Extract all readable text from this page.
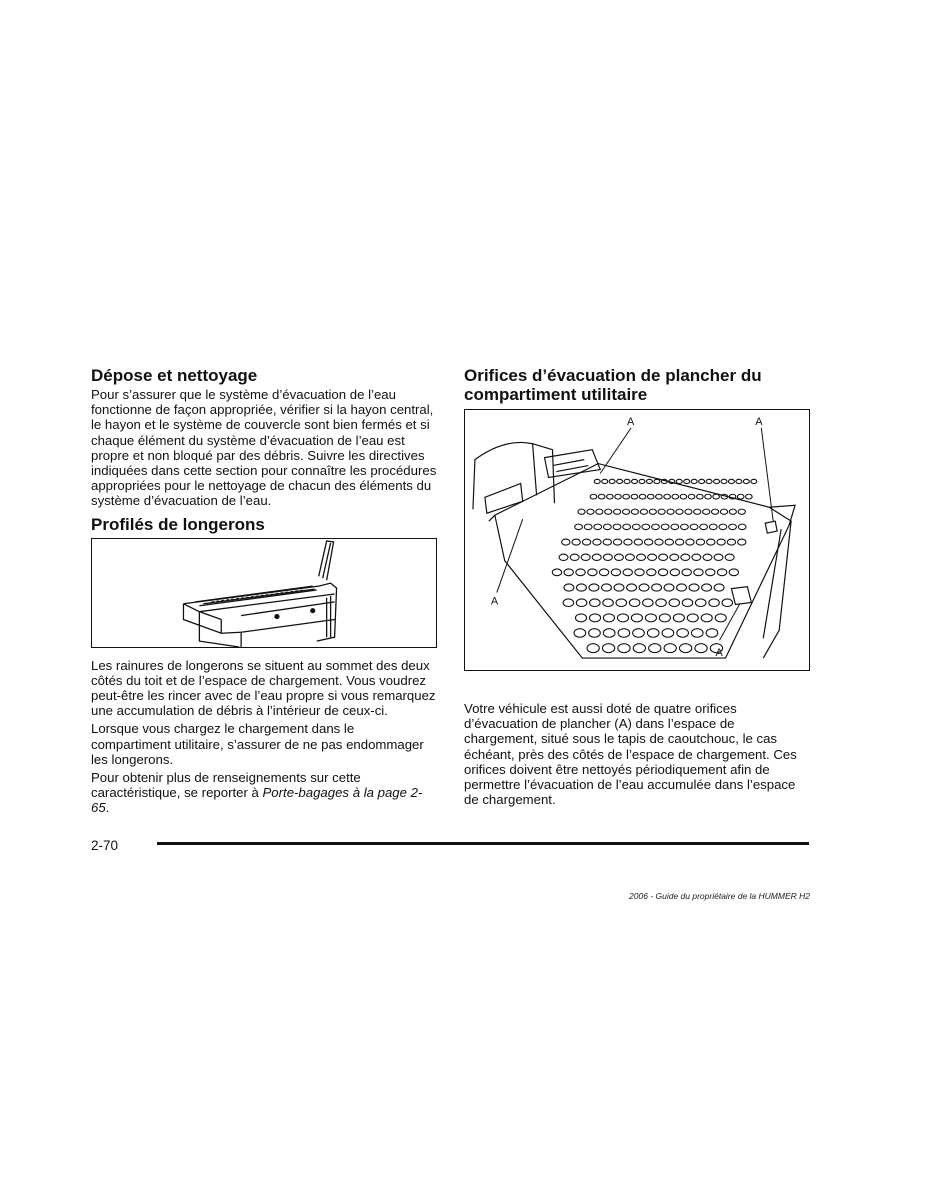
Dépose et nettoyage

Pour s’assurer que le système d’évacuation de l’eau fonctionne de façon appropriée, vérifier si la hayon central, le hayon et le système de couvercle sont bien fermés et si chaque élément du système d’évacuation de l’eau est propre et non bloqué par des débris. Suivre les directives indiquées dans cette section pour connaître les procédures appropriées pour le nettoyage de chacun des éléments du système d’évacuation de l’eau.

Profilés de longerons

Les rainures de longerons se situent au sommet des deux côtés du toit et de l’espace de chargement. Vous voudrez peut-être les rincer avec de l’eau propre si vous remarquez une accumulation de débris à l’intérieur de ceux-ci.

Lorsque vous chargez le chargement dans le compartiment utilitaire, s’assurer de ne pas endommager les longerons.

Pour obtenir plus de renseignements sur cette caractéristique, se reporter à Porte-bagages à la page 2-65.

Orifices d’évacuation de plancher du compartiment utilitaire
A	A
A
A

Votre véhicule est aussi doté de quatre orifices d’évacuation de plancher (A) dans l’espace de chargement, situé sous le tapis de caoutchouc, le cas échéant, près des côtés de l’espace de chargement. Ces orifices doivent être nettoyés périodiquement afin de permettre l’évacuation de l’eau accumulée dans l’espace de chargement.

2-70
2006 - Guide du propriétaire de la HUMMER H2
